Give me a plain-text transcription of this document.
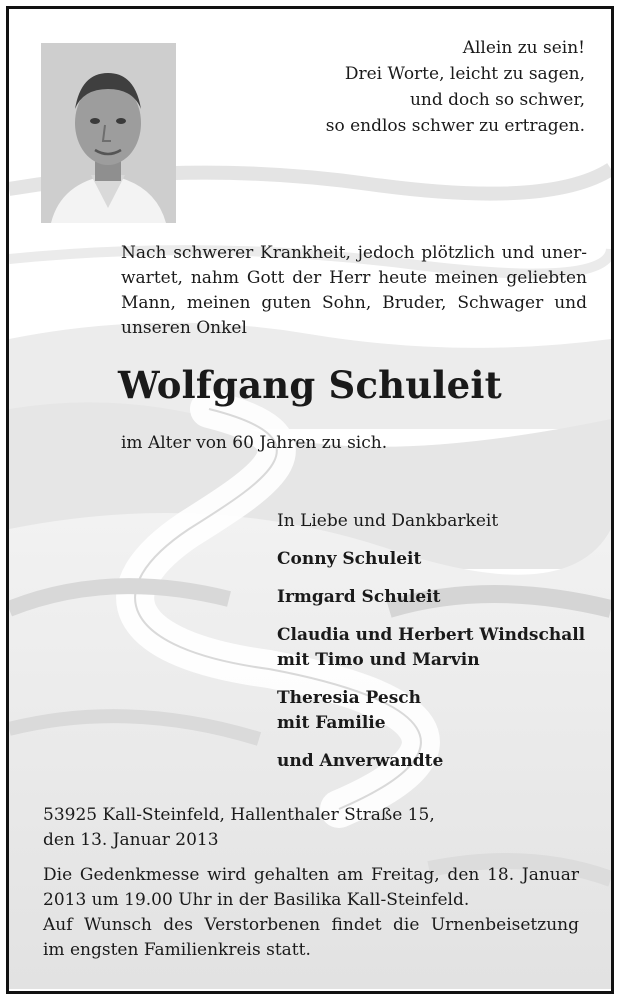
Allein zu sein!
Drei Worte, leicht zu sagen,
und doch so schwer,
so endlos schwer zu ertragen.
Nach schwerer Krankheit, jedoch plötzlich und uner-
wartet, nahm Gott der Herr heute meinen geliebten
Mann, meinen guten Sohn, Bruder, Schwager und
unseren Onkel
Wolfgang Schuleit
im Alter von 60 Jahren zu sich.
In Liebe und Dankbarkeit
Conny Schuleit
Irmgard Schuleit
Claudia und Herbert Windschall
mit Timo und Marvin
Theresia Pesch
mit Familie
und Anverwandte
53925 Kall-Steinfeld, Hallenthaler Straße 15,
den 13. Januar 2013
Die Gedenkmesse wird gehalten am Freitag, den 18. Januar
2013 um 19.00 Uhr in der Basilika Kall-Steinfeld.
Auf Wunsch des Verstorbenen findet die Urnenbeisetzung
im engsten Familienkreis statt.
